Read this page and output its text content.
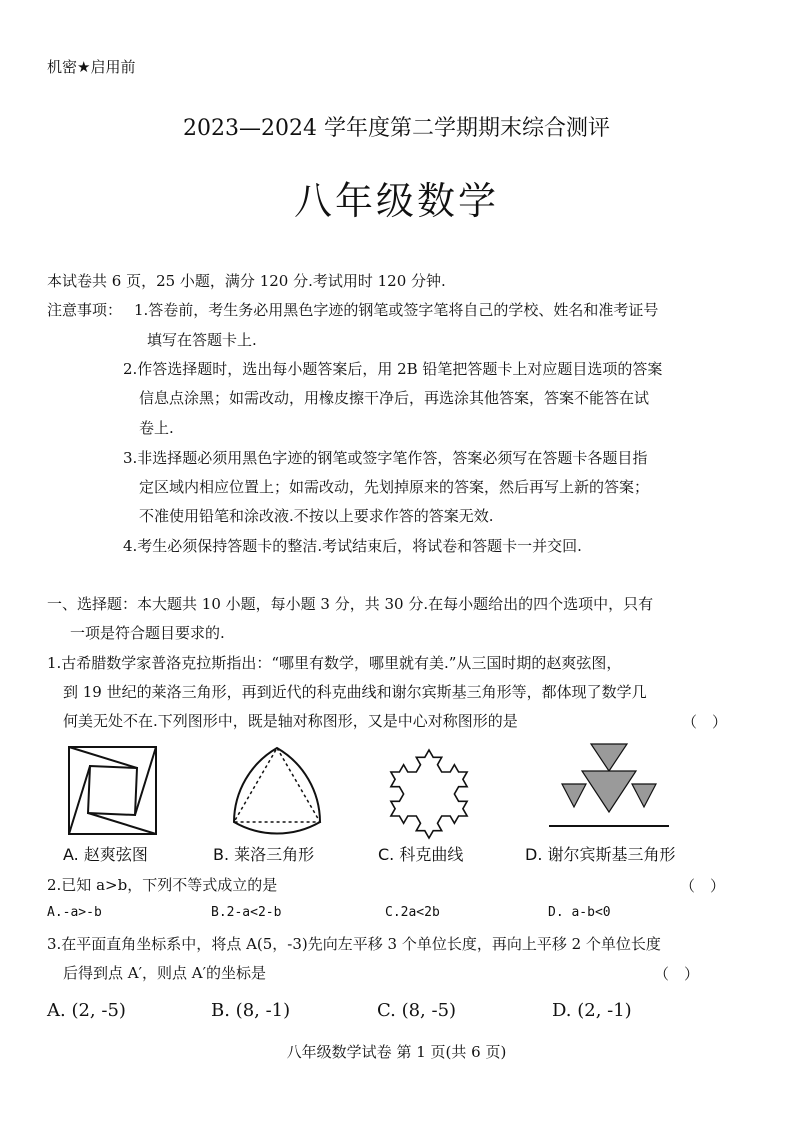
机密★启用前
2023—2024 学年度第二学期期末综合测评
八年级数学
本试卷共 6 页，25 小题，满分 120 分.考试用时 120 分钟.
注意事项： 1.答卷前，考生务必用黑色字迹的钢笔或签字笔将自己的学校、姓名和准考证号
填写在答题卡上.
2.作答选择题时，选出每小题答案后，用 2B 铅笔把答题卡上对应题目选项的答案
信息点涂黑；如需改动，用橡皮擦干净后，再选涂其他答案，答案不能答在试
卷上.
3.非选择题必须用黑色字迹的钢笔或签字笔作答，答案必须写在答题卡各题目指
定区域内相应位置上；如需改动，先划掉原来的答案，然后再写上新的答案；
不准使用铅笔和涂改液.不按以上要求作答的答案无效.
4.考生必须保持答题卡的整洁.考试结束后，将试卷和答题卡一并交回.
一、选择题：本大题共 10 小题，每小题 3 分，共 30 分.在每小题给出的四个选项中，只有
一项是符合题目要求的.
1.古希腊数学家普洛克拉斯指出：“哪里有数学，哪里就有美.”从三国时期的赵爽弦图，
到 19 世纪的莱洛三角形，再到近代的科克曲线和谢尔宾斯基三角形等，都体现了数学几
何美无处不在.下列图形中，既是轴对称图形，又是中心对称图形的是	（　）
A. 赵爽弦图	B. 莱洛三角形	C. 科克曲线	D. 谢尔宾斯基三角形
2.已知 a>b，下列不等式成立的是	（　）
A.-a>-b	B.2-a<2-b	C.2a<2b	D. a-b<0
3.在平面直角坐标系中，将点 A(5，-3)先向左平移 3 个单位长度，再向上平移 2 个单位长度
后得到点 A′，则点 A′的坐标是	（　）
A. (2, -5)	B. (8, -1)	C. (8, -5)	D. (2, -1)
八年级数学试卷 第 1 页(共 6 页)
